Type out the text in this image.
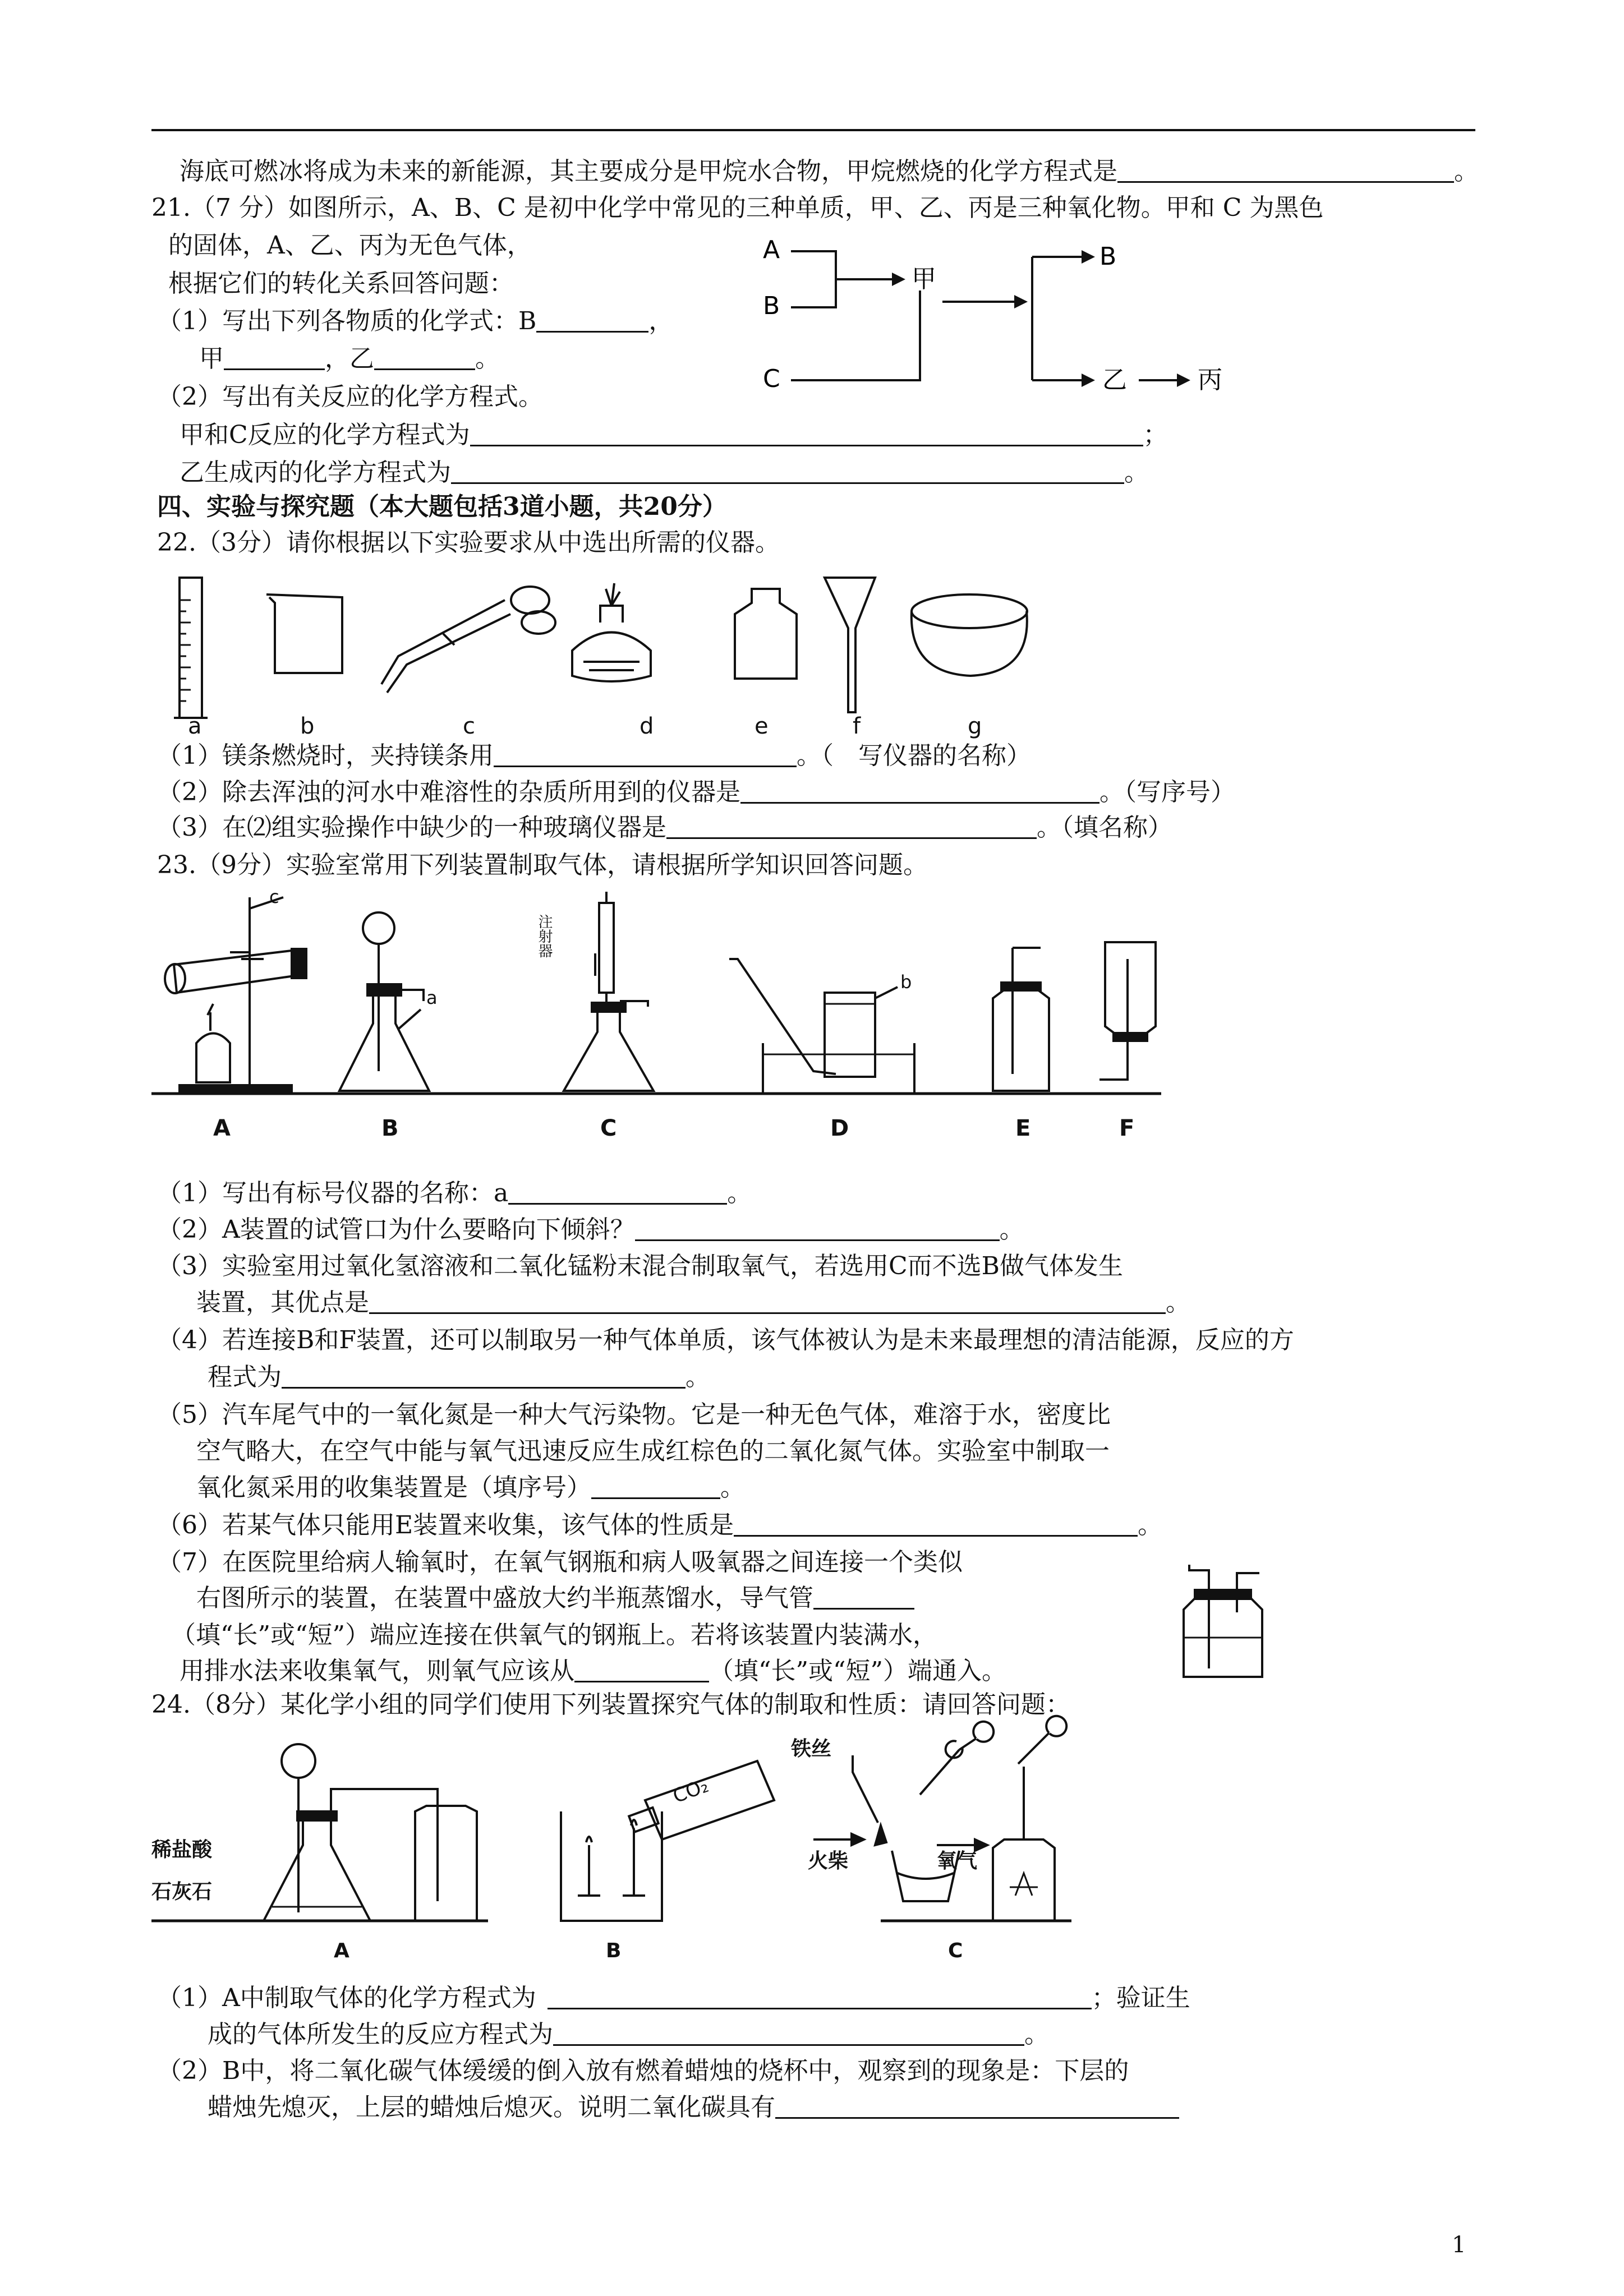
海底可燃冰将成为未来的新能源，其主要成分是甲烷水合物，甲烷燃烧的化学方程式是	。
21.（7 分）如图所示，A、B、C 是初中化学中常见的三种单质，甲、乙、丙是三种氧化物。甲和 C 为黑色
的固体，A、乙、丙为无色气体，
根据它们的转化关系回答问题：
（1）写出下列各物质的化学式：B	，
甲	，乙	。
（2）写出有关反应的化学方程式。
甲和C反应的化学方程式为	；
乙生成丙的化学方程式为	。
A
B
C
甲
B
乙	丙
四、实验与探究题（本大题包括3道小题，共20分）
22.（3分）请你根据以下实验要求从中选出所需的仪器。
a	b	c	d	e	f	g
（1）镁条燃烧时，夹持镁条用	。（　写仪器的名称）
（2）除去浑浊的河水中难溶性的杂质所用到的仪器是	。（写序号）
（3）在⑵组实验操作中缺少的一种玻璃仪器是	。（填名称）
23.（9分）实验室常用下列装置制取气体，请根据所学知识回答问题。
c
a
b
注射器
A	B	C	D	E	F
（1）写出有标号仪器的名称：a	。
（2）A装置的试管口为什么要略向下倾斜？	。
（3）实验室用过氧化氢溶液和二氧化锰粉末混合制取氧气，若选用C而不选B做气体发生
装置，其优点是	。
（4）若连接B和F装置，还可以制取另一种气体单质，该气体被认为是未来最理想的清洁能源，反应的方
程式为	。
（5）汽车尾气中的一氧化氮是一种大气污染物。它是一种无色气体，难溶于水，密度比
空气略大，在空气中能与氧气迅速反应生成红棕色的二氧化氮气体。实验室中制取一
氧化氮采用的收集装置是（填序号）	。
（6）若某气体只能用E装置来收集，该气体的性质是	。
（7）在医院里给病人输氧时，在氧气钢瓶和病人吸氧器之间连接一个类似
右图所示的装置，在装置中盛放大约半瓶蒸馏水，导气管
（填“长”或“短”）端应连接在供氧气的钢瓶上。若将该装置内装满水，
用排水法来收集氧气，则氧气应该从	（填“长”或“短”）端通入。
24.（8分）某化学小组的同学们使用下列装置探究气体的制取和性质：请回答问题：
稀盐酸
石灰石
铁丝
火柴	氧气
CO₂
A	B	C
（1）A中制取气体的化学方程式为	；验证生
成的气体所发生的反应方程式为	。
（2）B中，将二氧化碳气体缓缓的倒入放有燃着蜡烛的烧杯中，观察到的现象是：下层的
蜡烛先熄灭，上层的蜡烛后熄灭。说明二氧化碳具有
1
